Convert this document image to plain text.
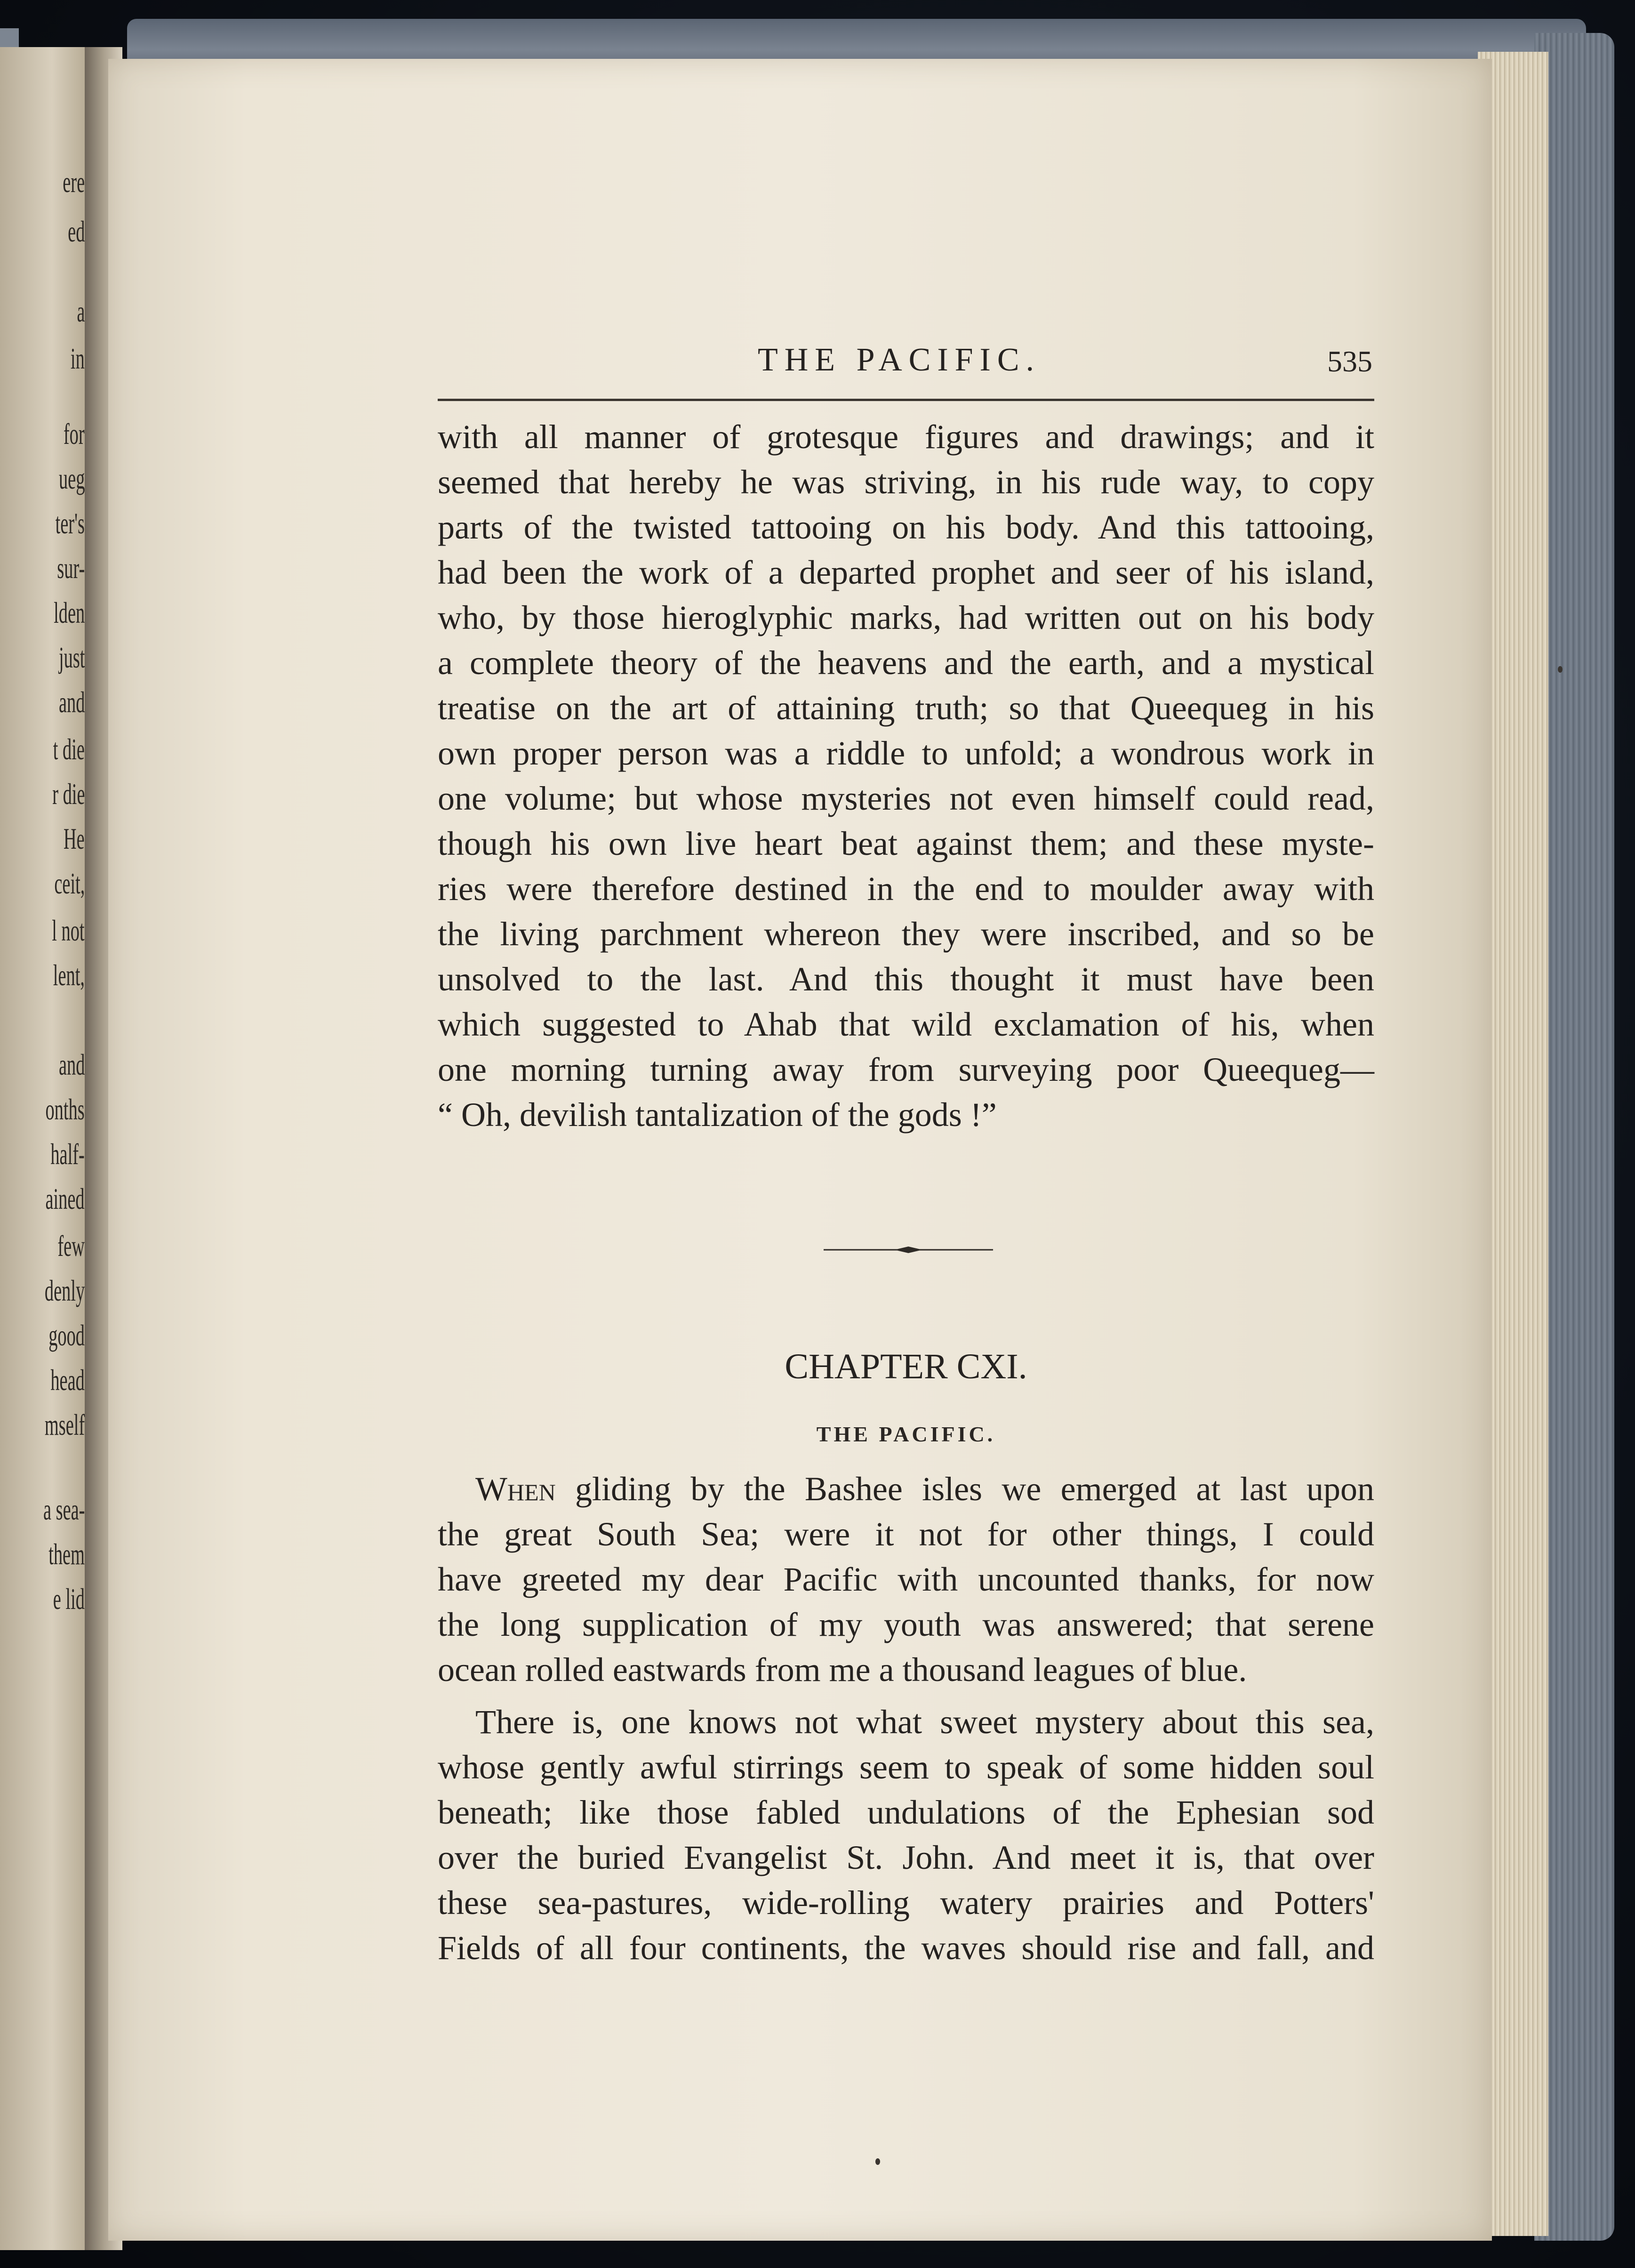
ere
ed
a
in
for
ueg
ter's
sur-
lden
just
and
t die
r die
He
ceit,
l not
lent,
and
onths
half-
ained
few
denly
good
head
mself
a sea-
them
e lid
THE PACIFIC.	535
with all manner of grotesque figures and drawings; and it
seemed that hereby he was striving, in his rude way, to copy
parts of the twisted tattooing on his body. And this tattooing,
had been the work of a departed prophet and seer of his island,
who, by those hieroglyphic marks, had written out on his body
a complete theory of the heavens and the earth, and a mystical
treatise on the art of attaining truth; so that Queequeg in his
own proper person was a riddle to unfold; a wondrous work in
one volume; but whose mysteries not even himself could read,
though his own live heart beat against them; and these myste-
ries were therefore destined in the end to moulder away with
the living parchment whereon they were inscribed, and so be
unsolved to the last. And this thought it must have been
which suggested to Ahab that wild exclamation of his, when
one morning turning away from surveying poor Queequeg—
“ Oh, devilish tantalization of the gods !”
CHAPTER CXI.
THE PACIFIC.
When gliding by the Bashee isles we emerged at last upon
the great South Sea; were it not for other things, I could
have greeted my dear Pacific with uncounted thanks, for now
the long supplication of my youth was answered; that serene
ocean rolled eastwards from me a thousand leagues of blue.
There is, one knows not what sweet mystery about this sea,
whose gently awful stirrings seem to speak of some hidden soul
beneath; like those fabled undulations of the Ephesian sod
over the buried Evangelist St. John. And meet it is, that over
these sea-pastures, wide-rolling watery prairies and Potters'
Fields of all four continents, the waves should rise and fall, and
